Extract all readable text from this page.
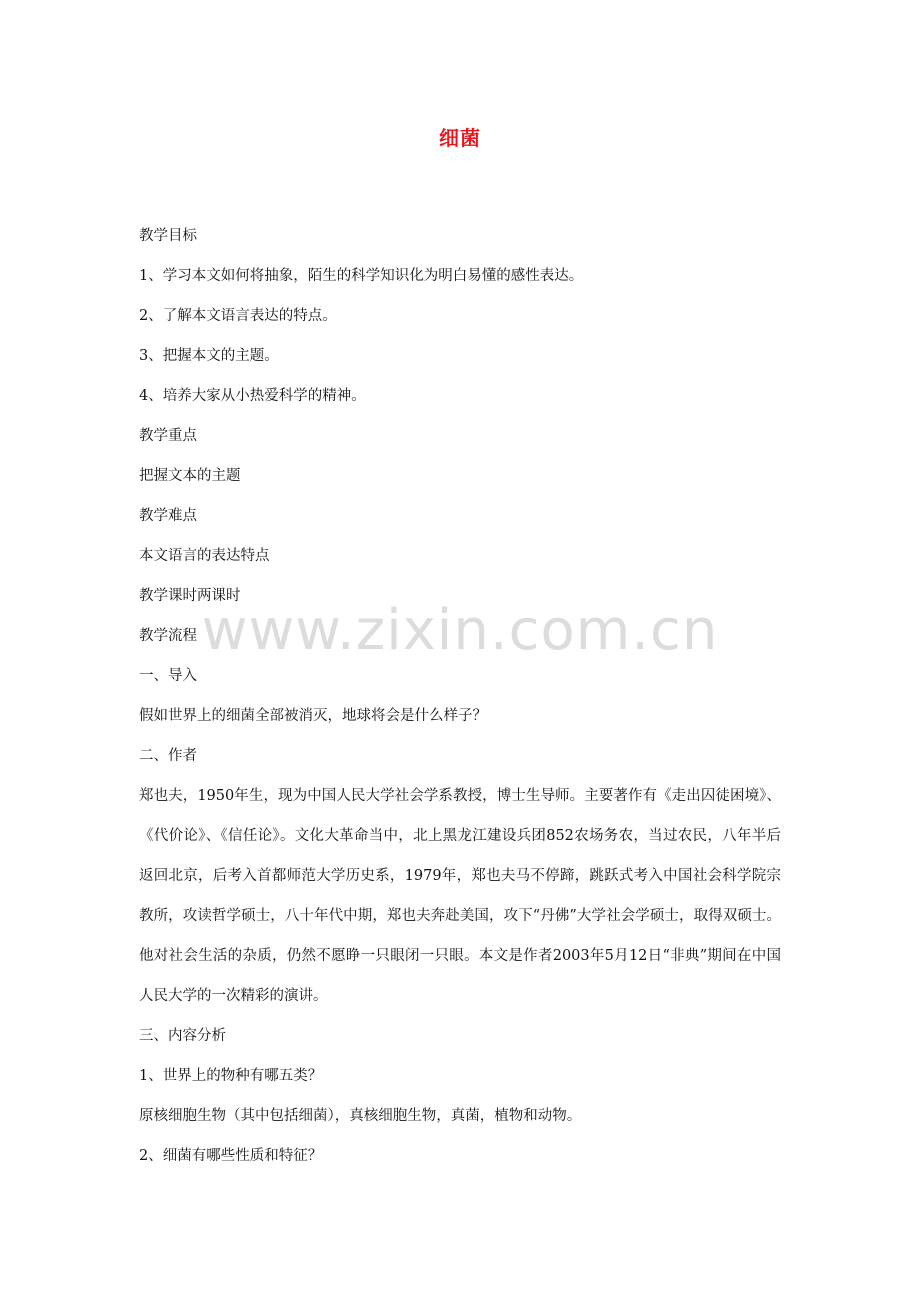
细菌
www.zixin.com.cn
教学目标
1、学习本文如何将抽象，陌生的科学知识化为明白易懂的感性表达。
2、了解本文语言表达的特点。
3、把握本文的主题。
4、培养大家从小热爱科学的精神。
教学重点
把握文本的主题
教学难点
本文语言的表达特点
教学课时两课时
教学流程
一、导入
假如世界上的细菌全部被消灭，地球将会是什么样子？
二、作者
郑也夫，1950年生，现为中国人民大学社会学系教授，博士生导师。主要著作有《走出囚徒困境》、《代价论》、《信任论》。文化大革命当中，北上黑龙江建设兵团852农场务农，当过农民，八年半后返回北京，后考入首都师范大学历史系，1979年，郑也夫马不停蹄，跳跃式考入中国社会科学院宗教所，攻读哲学硕士，八十年代中期，郑也夫奔赴美国，攻下“丹佛”大学社会学硕士，取得双硕士。他对社会生活的杂质，仍然不愿睁一只眼闭一只眼。本文是作者2003年5月12日“非典”期间在中国人民大学的一次精彩的演讲。
三、内容分析
1、世界上的物种有哪五类？
原核细胞生物（其中包括细菌），真核细胞生物，真菌，植物和动物。
2、细菌有哪些性质和特征？
